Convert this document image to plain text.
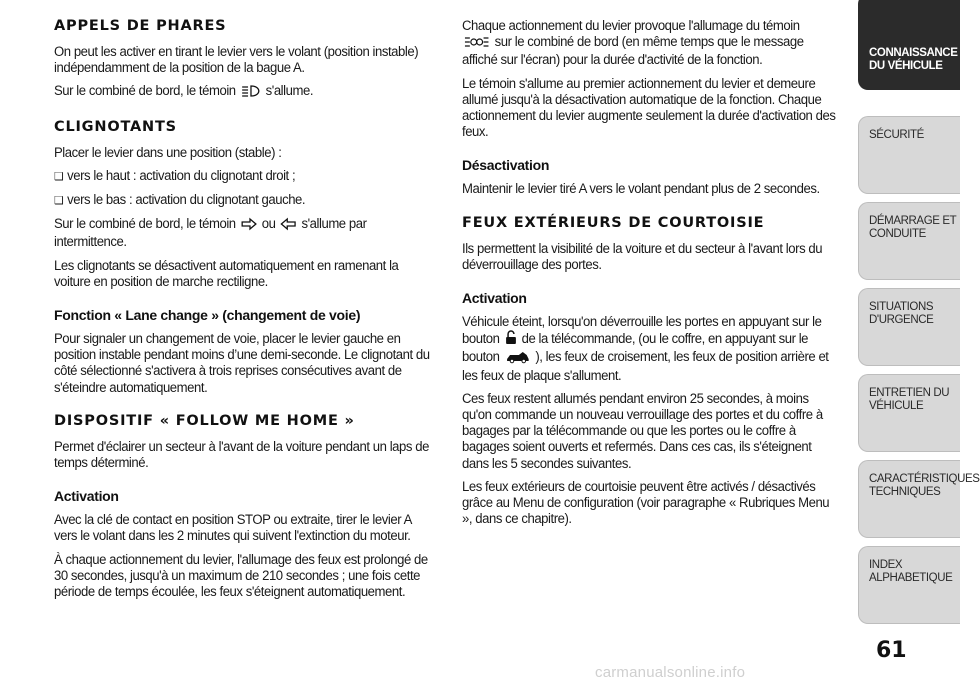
APPELS DE PHARES

On peut les activer en tirant le levier vers le volant (position instable) indépendamment de la position de la bague A.

Sur le combiné de bord, le témoin s'allume.

CLIGNOTANTS

Placer le levier dans une position (stable) :

❑ vers le haut : activation du clignotant droit ;

❑ vers le bas : activation du clignotant gauche.

Sur le combiné de bord, le témoin ou s'allume par intermittence.

Les clignotants se désactivent automatiquement en ramenant la voiture en position de marche rectiligne.

Fonction « Lane change » (changement de voie)

Pour signaler un changement de voie, placer le levier gauche en position instable pendant moins d’une demi-seconde. Le clignotant du côté sélectionné s'activera à trois reprises consécutives avant de s'éteindre automatiquement.

DISPOSITIF « FOLLOW ME HOME »

Permet d'éclairer un secteur à l'avant de la voiture pendant un laps de temps déterminé.

Activation

Avec la clé de contact en position STOP ou extraite, tirer le levier A vers le volant dans les 2 minutes qui suivent l'extinction du moteur.

À chaque actionnement du levier, l'allumage des feux est prolongé de 30 secondes, jusqu'à un maximum de 210 secondes ; une fois cette période de temps écoulée, les feux s'éteignent automatiquement.

Chaque actionnement du levier provoque l'allumage du témoin
sur le combiné de bord (en même temps que le message affiché sur l'écran) pour la durée d'activité de la fonction.

Le témoin s'allume au premier actionnement du levier et demeure allumé jusqu'à la désactivation automatique de la fonction. Chaque actionnement du levier augmente seulement la durée d'activation des feux.

Désactivation

Maintenir le levier tiré A vers le volant pendant plus de 2 secondes.

FEUX EXTÉRIEURS DE COURTOISIE

Ils permettent la visibilité de la voiture et du secteur à l'avant lors du déverrouillage des portes.

Activation

Véhicule éteint, lorsqu'on déverrouille les portes en appuyant sur le bouton de la télécommande, (ou le coffre, en appuyant sur le bouton	), les feux de croisement, les feux de position arrière et les feux de plaque s'allument.

Ces feux restent allumés pendant environ 25 secondes, à moins qu'on commande un nouveau verrouillage des portes et du coffre à bagages par la télécommande ou que les portes ou le coffre à bagages soient ouverts et refermés. Dans ces cas, ils s'éteignent dans les 5 secondes suivantes.

Les feux extérieurs de courtoisie peuvent être activés / désactivés grâce au Menu de configuration (voir paragraphe « Rubriques Menu », dans ce chapitre).

CONNAISSANCE
DU VÉHICULE
SÉCURITÉ
DÉMARRAGE ET
CONDUITE
SITUATIONS
D'URGENCE
ENTRETIEN DU
VÉHICULE
CARACTÉRISTIQUES
TECHNIQUES
INDEX
ALPHABETIQUE
61
carmanualsonline.info
